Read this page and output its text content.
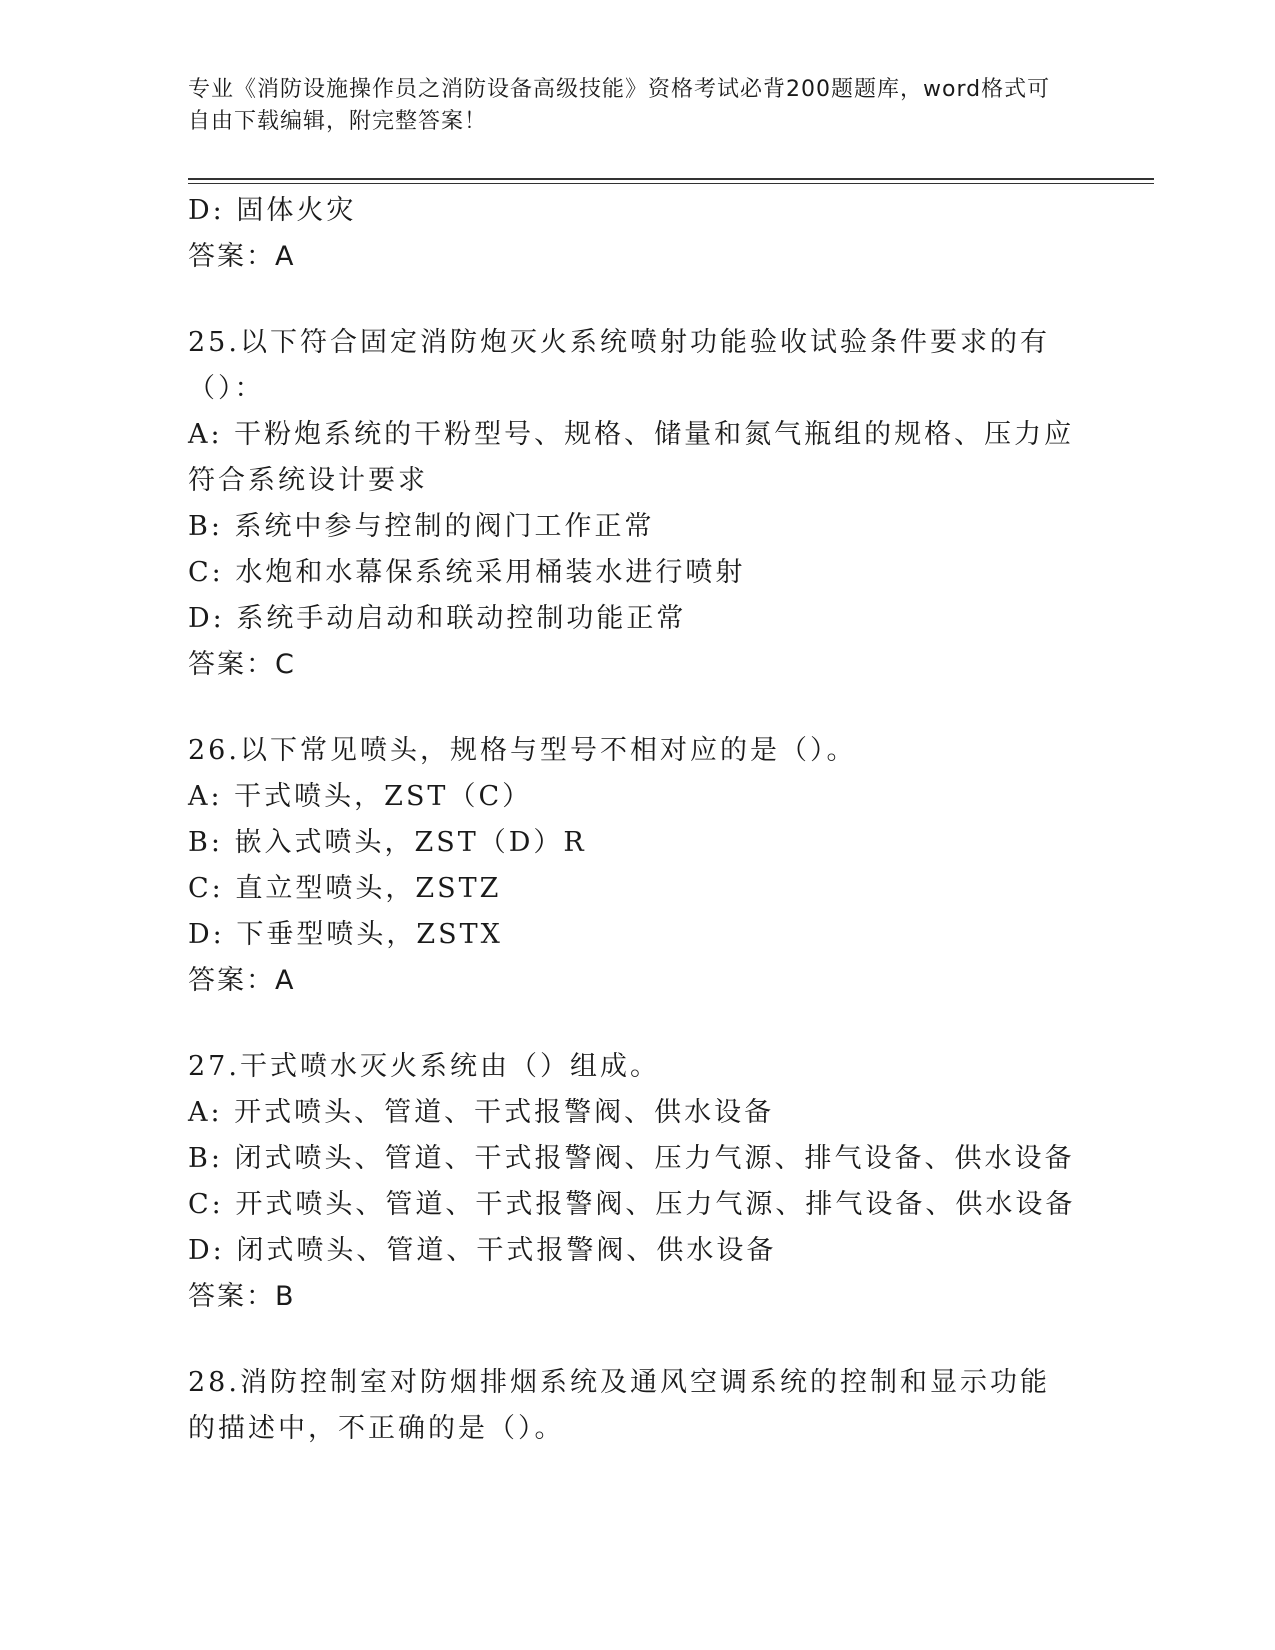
专业《消防设施操作员之消防设备高级技能》资格考试必背200题题库，word格式可自由下载编辑，附完整答案！
D: 固体火灾
答案：A
25.以下符合固定消防炮灭火系统喷射功能验收试验条件要求的有（）：
A: 干粉炮系统的干粉型号、规格、储量和氮气瓶组的规格、压力应符合系统设计要求
B: 系统中参与控制的阀门工作正常
C: 水炮和水幕保系统采用桶装水进行喷射
D: 系统手动启动和联动控制功能正常
答案：C
26.以下常见喷头，规格与型号不相对应的是（）。
A: 干式喷头，ZST（C）
B: 嵌入式喷头，ZST（D）R
C: 直立型喷头，ZSTZ
D: 下垂型喷头，ZSTX
答案：A
27.干式喷水灭火系统由（）组成。
A: 开式喷头、管道、干式报警阀、供水设备
B: 闭式喷头、管道、干式报警阀、压力气源、排气设备、供水设备
C: 开式喷头、管道、干式报警阀、压力气源、排气设备、供水设备
D: 闭式喷头、管道、干式报警阀、供水设备
答案：B
28.消防控制室对防烟排烟系统及通风空调系统的控制和显示功能的描述中，不正确的是（）。
